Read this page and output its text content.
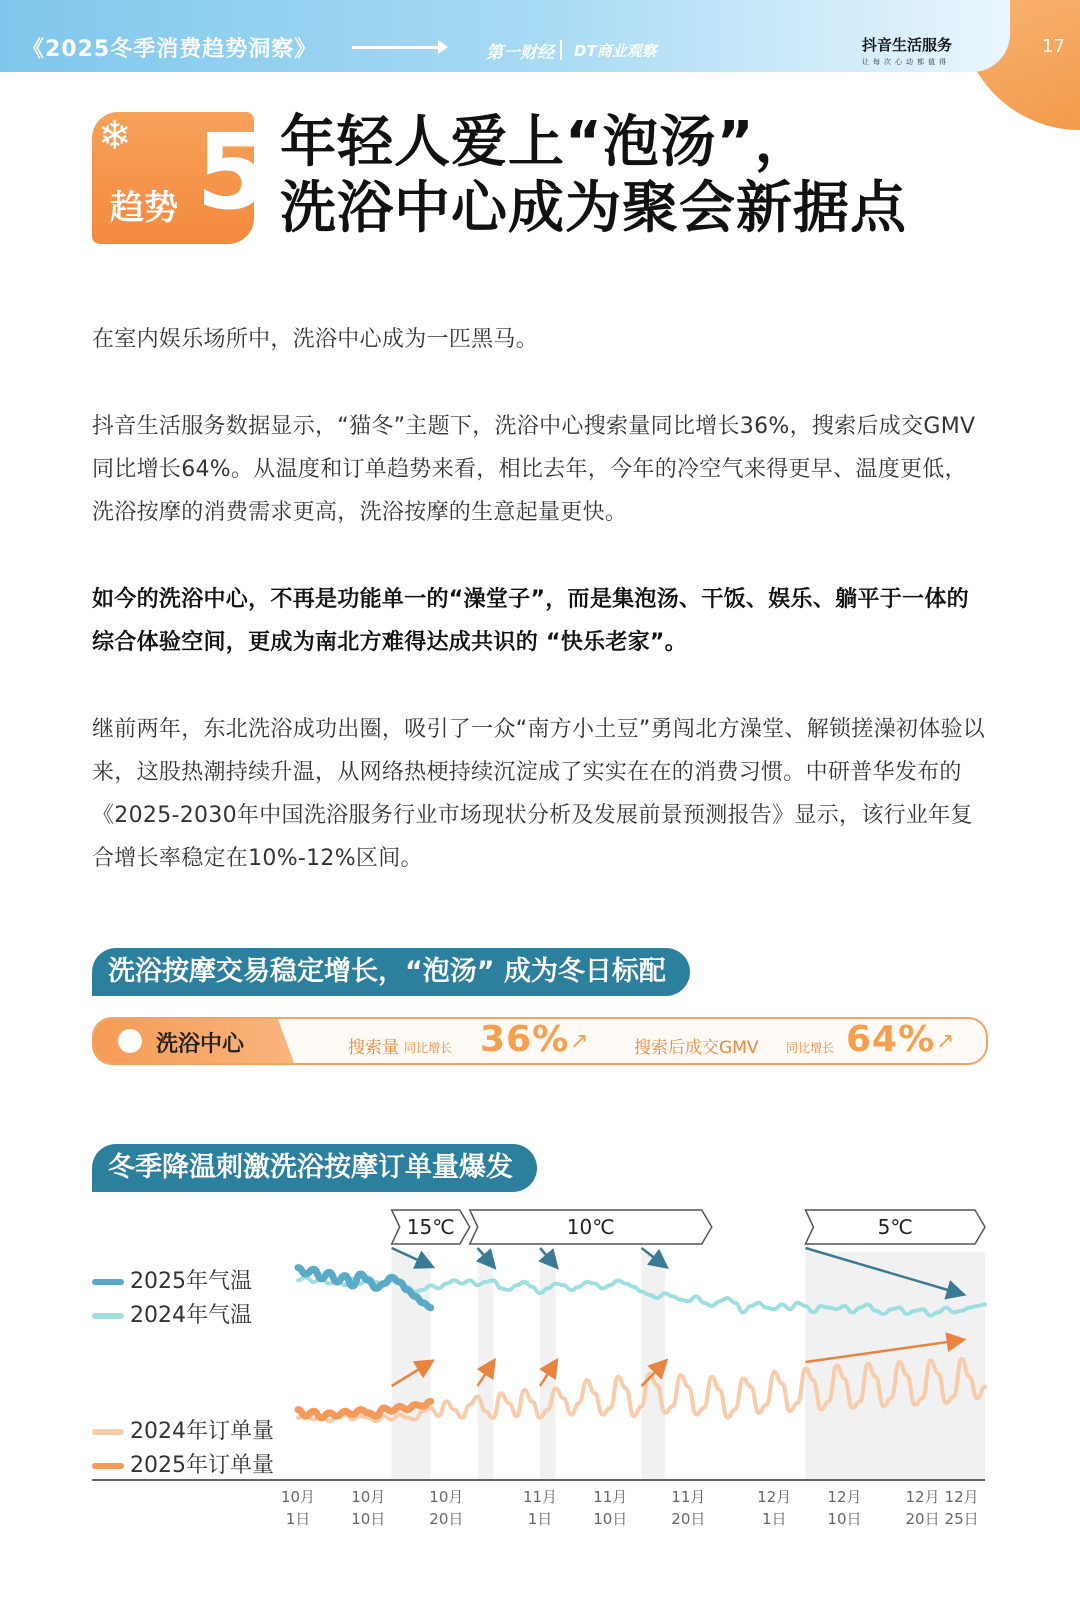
《2025冬季消费趋势洞察》	第一财经 DT商业观察	抖音生活服务
让每次心动都值得
17
❄
趋势 5 年轻人爱上“泡汤”，
洗浴中心成为聚会新据点
在室内娱乐场所中，洗浴中心成为一匹黑马。
抖音生活服务数据显示，“猫冬”主题下，洗浴中心搜索量同比增长36%，搜索后成交GMV同比增长64%。从温度和订单趋势来看，相比去年，今年的冷空气来得更早、温度更低，洗浴按摩的消费需求更高，洗浴按摩的生意起量更快。
如今的洗浴中心，不再是功能单一的“澡堂子”，而是集泡汤、干饭、娱乐、躺平于一体的综合体验空间，更成为南北方难得达成共识的 “快乐老家”。
继前两年，东北洗浴成功出圈，吸引了一众“南方小土豆”勇闯北方澡堂、解锁搓澡初体验以来，这股热潮持续升温，从网络热梗持续沉淀成了实实在在的消费习惯。中研普华发布的《2025-2030年中国洗浴服务行业市场现状分析及发展前景预测报告》显示，该行业年复合增长率稳定在10%-12%区间。
洗浴按摩交易稳定增长，“泡汤” 成为冬日标配
洗浴中心	搜索量 同比增长 36% ↗	搜索后成交GMV 同比增长 64% ↗
冬季降温刺激洗浴按摩订单量爆发
2025年气温
2024年气温
2024年订单量
2025年订单量
15℃	10℃	5℃
10月
1日
10月
10日
10月
20日
11月
1日
11月
10日
11月
20日
12月
1日
12月
10日
12月
20日
12月
25日
